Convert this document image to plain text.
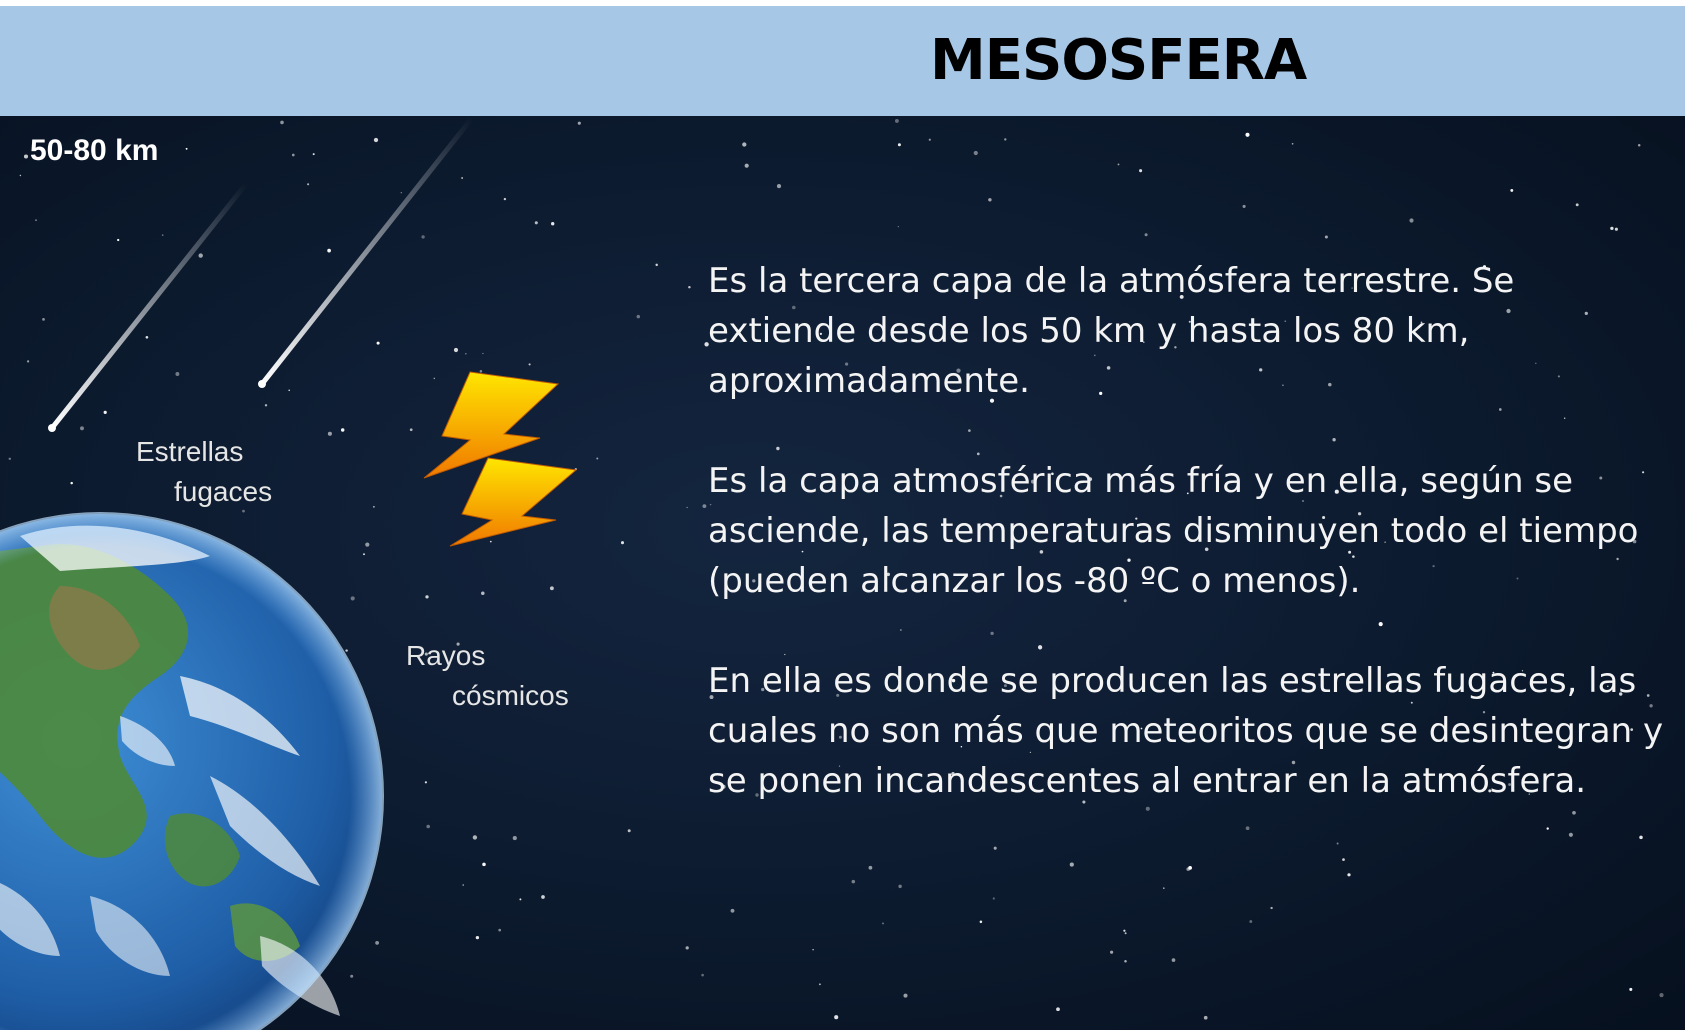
MESOSFERA
50-80 km
Estrellas
fugaces
Rayos
cósmicos

Es la tercera capa de la atmósfera terrestre. Se extiende desde los 50 km y hasta los 80 km, aproximadamente.

Es la capa atmosférica más fría y en ella, según se asciende, las temperaturas disminuyen todo el tiempo (pueden alcanzar los -80 ºC o menos).

En ella es donde se producen las estrellas fugaces, las cuales no son más que meteoritos que se desintegran y se ponen incandescentes al entrar en la atmósfera.
